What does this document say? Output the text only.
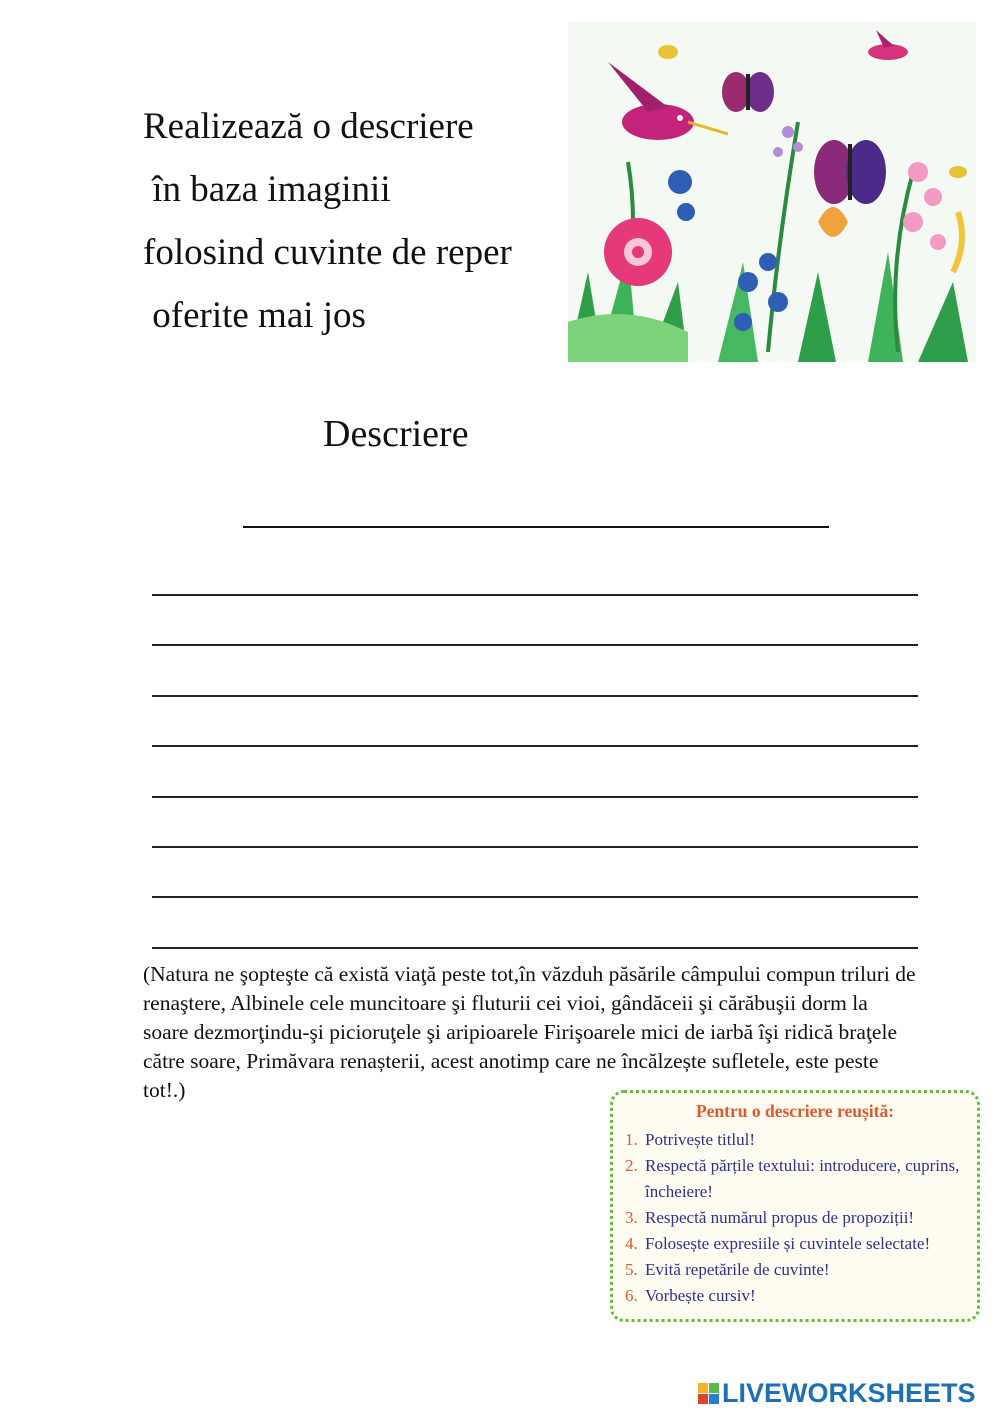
Realizează o descriere
în baza imaginii
folosind cuvinte de reper
oferite mai jos
Descriere
(Natura ne şopteşte că există viaţă peste tot,în văzduh păsările câmpului compun triluri de renaştere, Albinele cele muncitoare şi fluturii cei vioi, gândăceii şi cărăbuşii dorm la soare dezmorţindu-şi picioruţele şi aripioarele Firişoarele mici de iarbă îşi ridică braţele către soare, Primăvara renașterii, acest anotimp care ne încălzește sufletele, este peste tot!.)
Pentru o descriere reușită:
1. Potrivește titlul!
2. Respectă părțile textului: introducere, cuprins, încheiere!
3. Respectă numărul propus de propoziții!
4. Folosește expresiile și cuvintele selectate!
5. Evită repetările de cuvinte!
6. Vorbește cursiv!
LIVEWORKSHEETS
